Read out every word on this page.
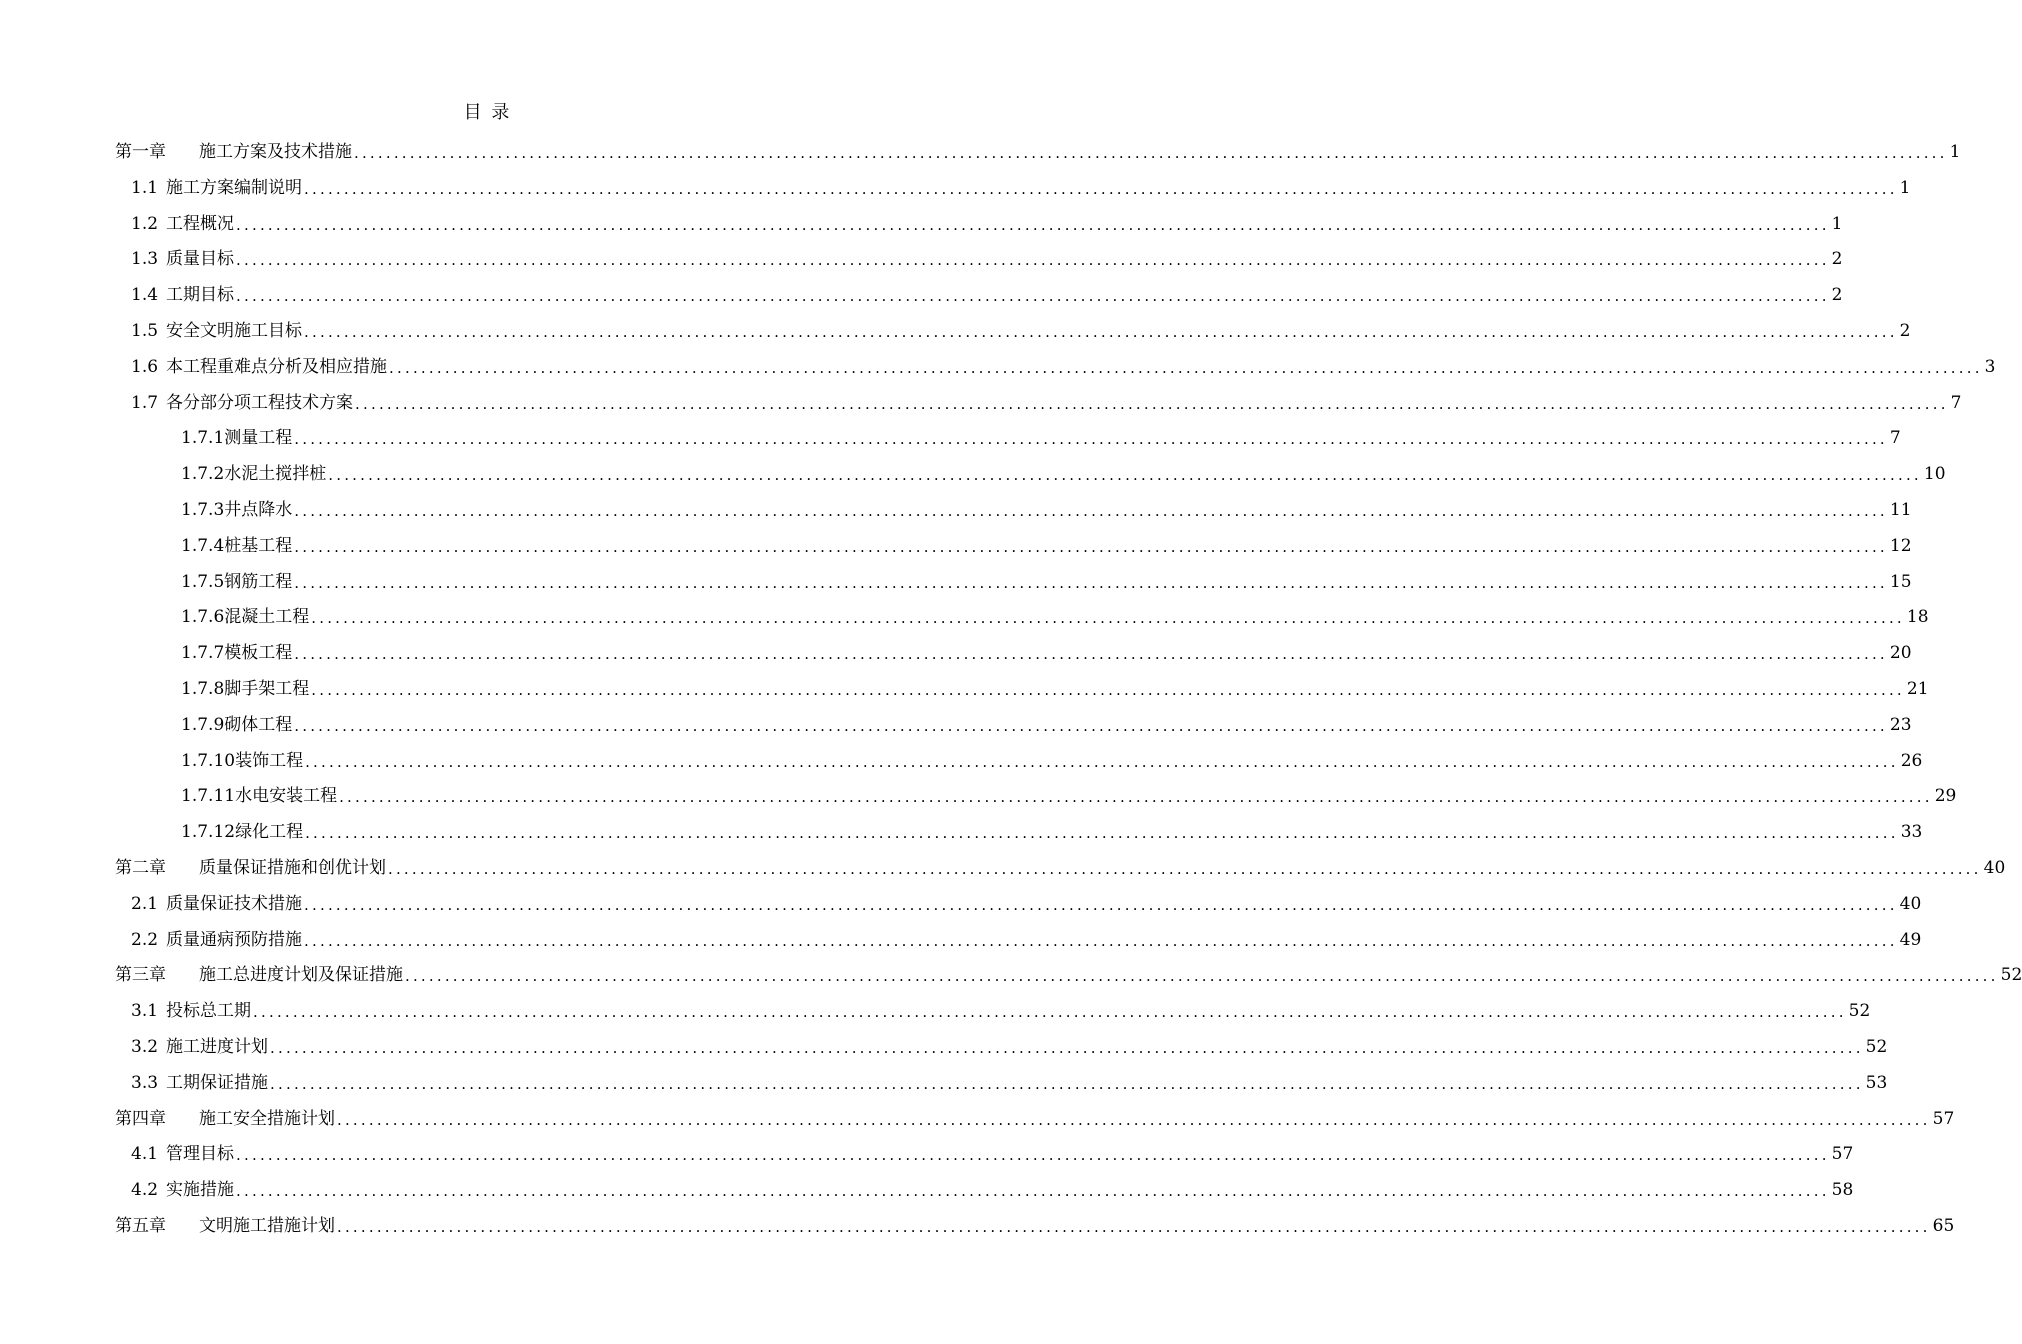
目 录
第一章	施工方案及技术措施 ........................................................................................................................................................................................................ 1
1.1 施工方案编制说明 ........................................................................................................................................................................................................ 1
1.2 工程概况 ........................................................................................................................................................................................................ 1
1.3 质量目标 ........................................................................................................................................................................................................ 2
1.4 工期目标 ........................................................................................................................................................................................................ 2
1.5 安全文明施工目标 ........................................................................................................................................................................................................ 2
1.6 本工程重难点分析及相应措施 ........................................................................................................................................................................................................ 3
1.7 各分部分项工程技术方案 ........................................................................................................................................................................................................ 7
1.7.1 测量工程 ........................................................................................................................................................................................................ 7
1.7.2 水泥土搅拌桩 ........................................................................................................................................................................................................ 10
1.7.3 井点降水 ........................................................................................................................................................................................................ 11
1.7.4 桩基工程 ........................................................................................................................................................................................................ 12
1.7.5 钢筋工程 ........................................................................................................................................................................................................ 15
1.7.6 混凝土工程 ........................................................................................................................................................................................................ 18
1.7.7 模板工程 ........................................................................................................................................................................................................ 20
1.7.8 脚手架工程 ........................................................................................................................................................................................................ 21
1.7.9 砌体工程 ........................................................................................................................................................................................................ 23
1.7.10 装饰工程 ........................................................................................................................................................................................................ 26
1.7.11 水电安装工程 ........................................................................................................................................................................................................ 29
1.7.12 绿化工程 ........................................................................................................................................................................................................ 33
第二章	质量保证措施和创优计划 ........................................................................................................................................................................................................ 40
2.1 质量保证技术措施 ........................................................................................................................................................................................................ 40
2.2 质量通病预防措施 ........................................................................................................................................................................................................ 49
第三章	施工总进度计划及保证措施 ........................................................................................................................................................................................................ 52
3.1 投标总工期 ........................................................................................................................................................................................................ 52
3.2 施工进度计划 ........................................................................................................................................................................................................ 52
3.3 工期保证措施 ........................................................................................................................................................................................................ 53
第四章	施工安全措施计划 ........................................................................................................................................................................................................ 57
4.1 管理目标 ........................................................................................................................................................................................................ 57
4.2 实施措施 ........................................................................................................................................................................................................ 58
第五章	文明施工措施计划 ........................................................................................................................................................................................................ 65
